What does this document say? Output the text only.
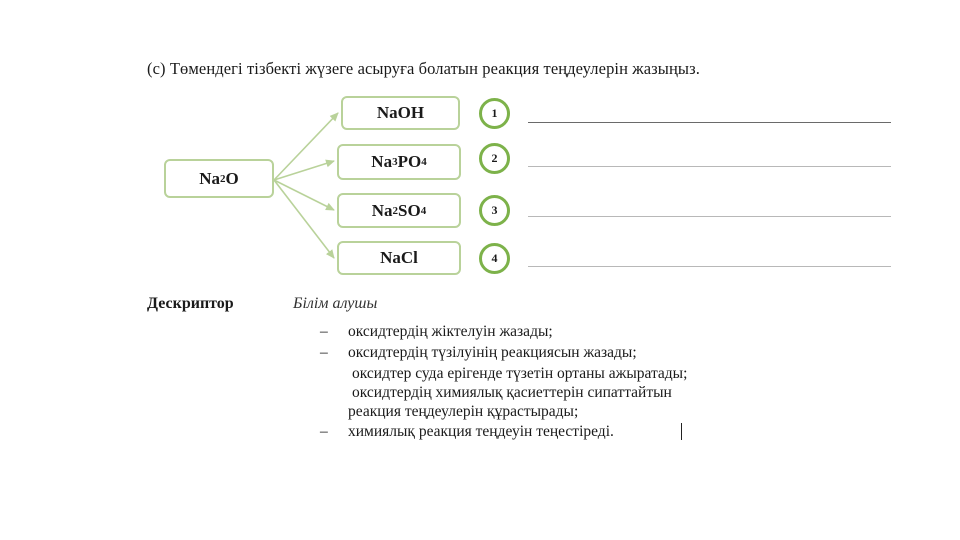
(c) Төмендегі тізбекті жүзеге асыруға болатын реакция теңдеулерін жазыңыз.
Na 2 O
NaOH
Na 3 PO 4
Na 2 SO 4
NaCl
1
2
3
4
Дескриптор	Білім алушы
– оксидтердің жіктелуін жазады;
– оксидтердің түзілуінің реакциясын жазады;
оксидтер суда ерігенде түзетін ортаны ажыратады;
оксидтердің химиялық қасиеттерін сипаттайтын
реакция теңдеулерін құрастырады;
– химиялық реакция теңдеуін теңестіреді.
